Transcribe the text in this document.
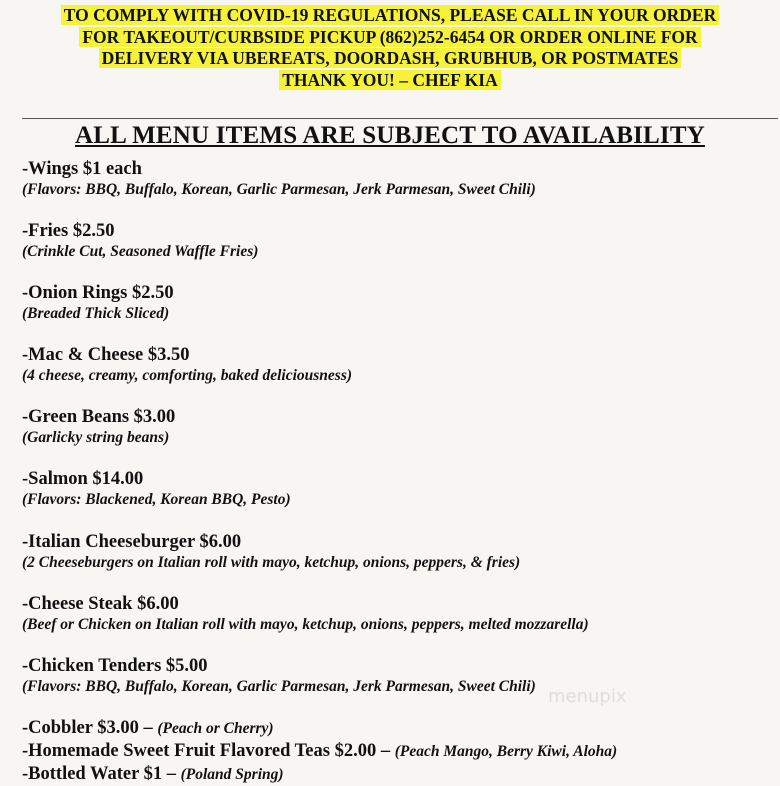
TO COMPLY WITH COVID-19 REGULATIONS, PLEASE CALL IN YOUR ORDER
FOR TAKEOUT/CURBSIDE PICKUP (862)252-6454 OR ORDER ONLINE FOR
DELIVERY VIA UBEREATS, DOORDASH, GRUBHUB, OR POSTMATES
THANK YOU! – CHEF KIA
ALL MENU ITEMS ARE SUBJECT TO AVAILABILITY
-Wings $1 each
(Flavors: BBQ, Buffalo, Korean, Garlic Parmesan, Jerk Parmesan, Sweet Chili)
-Fries $2.50
(Crinkle Cut, Seasoned Waffle Fries)
-Onion Rings $2.50
(Breaded Thick Sliced)
-Mac & Cheese $3.50
(4 cheese, creamy, comforting, baked deliciousness)
-Green Beans $3.00
(Garlicky string beans)
-Salmon $14.00
(Flavors: Blackened, Korean BBQ, Pesto)
-Italian Cheeseburger $6.00
(2 Cheeseburgers on Italian roll with mayo, ketchup, onions, peppers, & fries)
-Cheese Steak $6.00
(Beef or Chicken on Italian roll with mayo, ketchup, onions, peppers, melted mozzarella)
-Chicken Tenders $5.00
(Flavors: BBQ, Buffalo, Korean, Garlic Parmesan, Jerk Parmesan, Sweet Chili)
-Cobbler $3.00 – (Peach or Cherry)
-Homemade Sweet Fruit Flavored Teas $2.00 – (Peach Mango, Berry Kiwi, Aloha)
-Bottled Water $1 – (Poland Spring)
menupix
